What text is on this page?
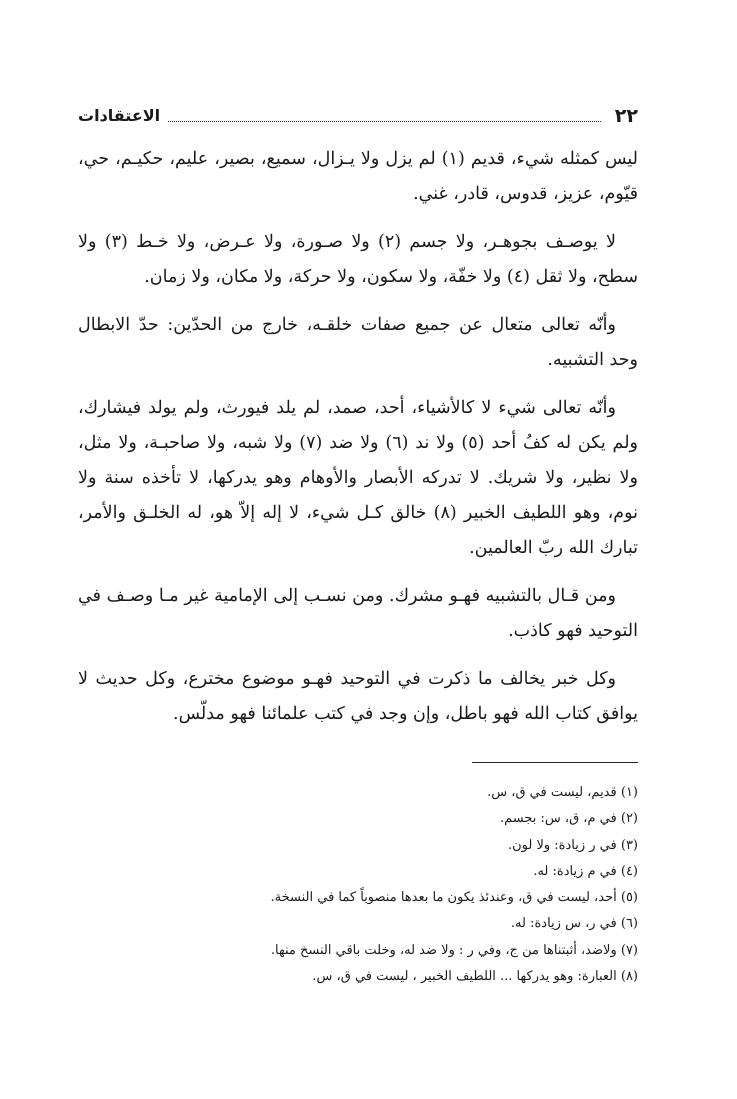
٢٢
الاعتقادات

ليس كمثله شيء، قديم (١) لم يزل ولا يـزال، سميع، بصير، عليم، حكيـم، حي، قيّوم، عزيز، قدوس، قادر، غني.

لا يوصـف بجوهـر، ولا جسم (٢) ولا صـورة، ولا عـرض، ولا خـط (٣) ولا سطح، ولا ثقل (٤) ولا خفّة، ولا سكون، ولا حركة، ولا مكان، ولا زمان.

وأنّه تعالى متعال عن جميع صفات خلقـه، خارج من الحدّين: حدّ الابطال وحد التشبيه.

وأنّه تعالى شيء لا كالأشياء، أحد، صمد، لم يلد فيورث، ولم يولد فيشارك، ولم يكن له كفُ أحد (٥) ولا ند (٦) ولا ضد (٧) ولا شبه، ولا صاحبـة، ولا مثل، ولا نظير، ولا شريك. لا تدركه الأبصار والأوهام وهو يدركها، لا تأخذه سنة ولا نوم، وهو اللطيف الخبير (٨) خالق كـل شيء، لا إله إلاّ هو، له الخلـق والأمر، تبارك الله ربّ العالمين.

ومن قـال بالتشبيه فهـو مشرك. ومن نسـب إلى الإمامية غير مـا وصـف في التوحيد فهو كاذب.

وكل خبر يخالف ما ذكرت في التوحيد فهـو موضوع مخترع، وكل حديث لا يوافق كتاب الله فهو باطل، وإن وجد في كتب علمائنا فهو مدلّس.

(١) قديم، ليست في ق، س.
(٢) في م، ق، س: بجسم.
(٣) في ر زيادة: ولا لون.
(٤) في م زيادة: له.
(٥) أحد، ليست في ق، وعندئذ يكون ما بعدها منصوباً كما في النسخة.
(٦) في ر، س زيادة: له.
(٧) ولاضد، أثبتناها من ج، وفي ر : ولا ضد له، وخلت باقي النسخ منها.
(٨) العبارة: وهو يدركها ... اللطيف الخبير ، ليست في ق، س.
